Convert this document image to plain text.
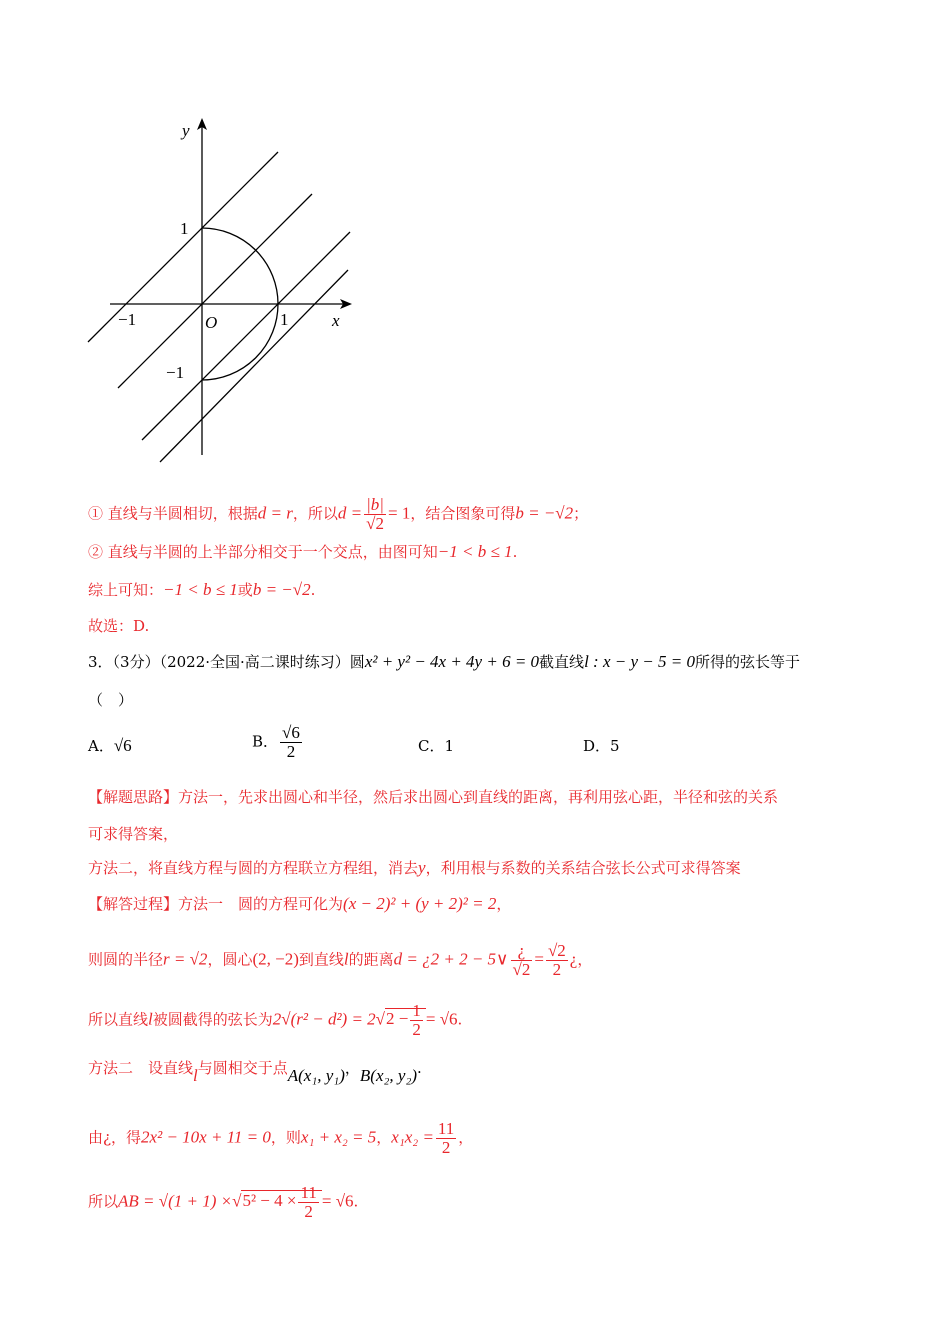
y
x
O
1
−1
1
−1
① 直线与半圆相切，根据d = r，所以$d = \frac{|b|}{√2} = 1$，结合图象可得b = −√2；
② 直线与半圆的上半部分相交于一个交点，由图可知−1 < b ≤ 1.
综上可知：−1 < b ≤ 1或b = −√2.
故选：D.
3．（3分）（2022·全国·高二课时练习）圆x² + y² − 4x + 4y + 6 = 0截直线l : x − y − 5 = 0所得的弦长等于
（　）
A．√6	B． $\frac{√6}{2}$	C．1	D．5
【解题思路】方法一，先求出圆心和半径，然后求出圆心到直线的距离，再利用弦心距，半径和弦的关系
可求得答案，
方法二，将直线方程与圆的方程联立方程组，消去y，利用根与系数的关系结合弦长公式可求得答案
【解答过程】方法一　圆的方程可化为(x − 2)² + (y + 2)² = 2，
则圆的半径r = √2，圆心(2, −2)到直线l的距离d = ¿2 + 2 − 5∨ $\frac{¿}{√2} = \frac{√2}{2}$ ¿，
所以直线l被圆截得的弦长为$2√(r^2 - d^2) = 2√2 - \frac{1}{2} = √6$.
方法二　设直线l与圆相交于点A(x₁, y₁)，B(x₂, y₂).
由¿，得2x² − 10x + 11 = 0，则x₁ + x₂ = 5，$x_1x_2 = \frac{11}{2}$ ，
所以AB = $√(1 + 1) \times√5^2 - 4 \times \frac{11}{2} = √6$.
